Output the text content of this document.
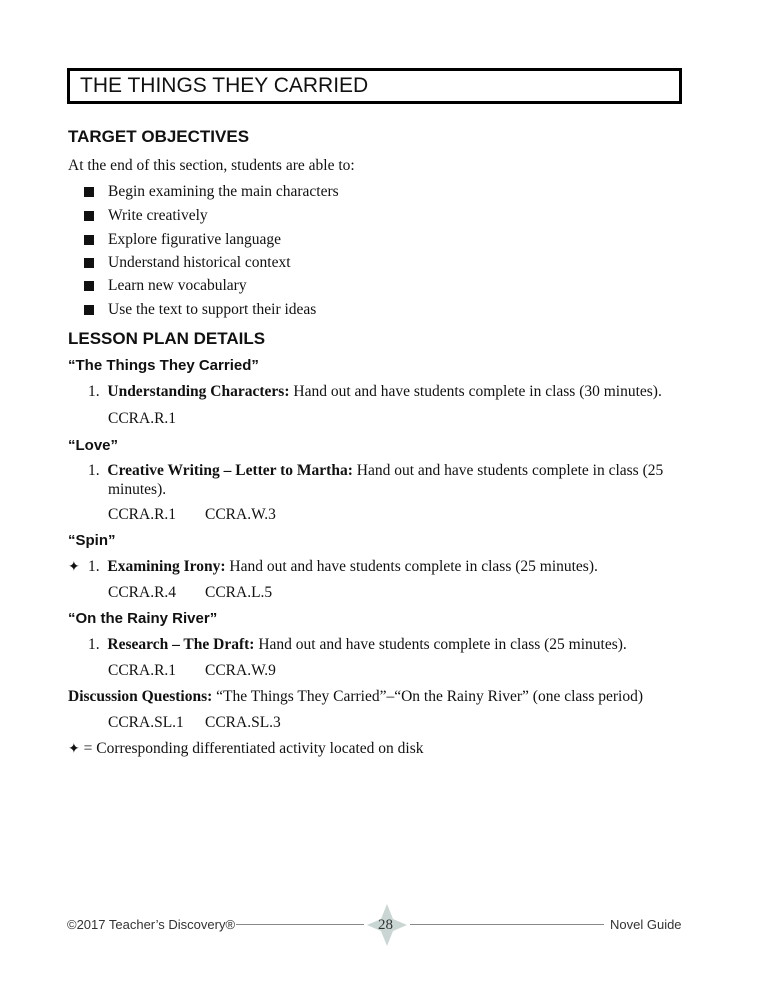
THE THINGS THEY CARRIED
TARGET OBJECTIVES
At the end of this section, students are able to:
Begin examining the main characters
Write creatively
Explore figurative language
Understand historical context
Learn new vocabulary
Use the text to support their ideas
LESSON PLAN DETAILS
“The Things They Carried”
1. Understanding Characters: Hand out and have students complete in class (30 minutes).
CCRA.R.1
“Love”
1. Creative Writing – Letter to Martha: Hand out and have students complete in class (25
minutes).
CCRA.R.1 CCRA.W.3
“Spin”
✦ 1. Examining Irony: Hand out and have students complete in class (25 minutes).
CCRA.R.4 CCRA.L.5
“On the Rainy River”
1. Research – The Draft: Hand out and have students complete in class (25 minutes).
CCRA.R.1 CCRA.W.9
Discussion Questions: “The Things They Carried”–“On the Rainy River” (one class period)
CCRA.SL.1 CCRA.SL.3
✦ = Corresponding differentiated activity located on disk
©2017 Teacher’s Discovery®	28	Novel Guide
